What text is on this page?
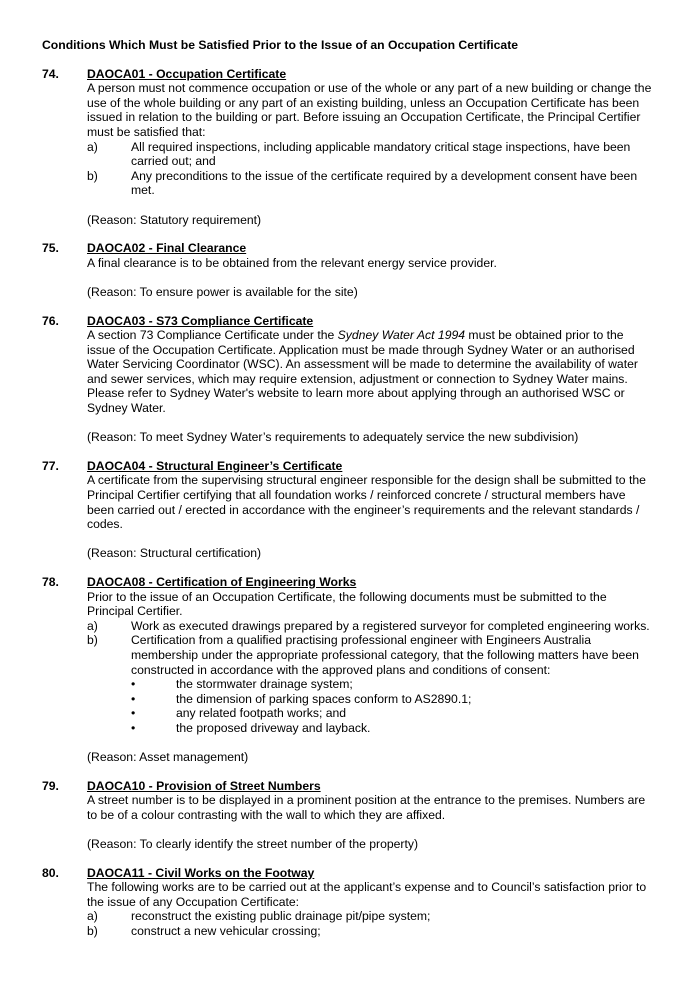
Conditions Which Must be Satisfied Prior to the Issue of an Occupation Certificate
74.	DAOCA01 - Occupation Certificate

A person must not commence occupation or use of the whole or any part of a new building or change the use of the whole building or any part of an existing building, unless an Occupation Certificate has been issued in relation to the building or part. Before issuing an Occupation Certificate, the Principal Certifier must be satisfied that:

a)	All required inspections, including applicable mandatory critical stage inspections, have been carried out; and
b)	Any preconditions to the issue of the certificate required by a development consent have been met.
(Reason: Statutory requirement)
75.	DAOCA02 - Final Clearance

A final clearance is to be obtained from the relevant energy service provider.

(Reason: To ensure power is available for the site)
76.	DAOCA03 - S73 Compliance Certificate

A section 73 Compliance Certificate under the Sydney Water Act 1994 must be obtained prior to the issue of the Occupation Certificate. Application must be made through Sydney Water or an authorised Water Servicing Coordinator (WSC). An assessment will be made to determine the availability of water and sewer services, which may require extension, adjustment or connection to Sydney Water mains. Please refer to Sydney Water's website to learn more about applying through an authorised WSC or Sydney Water.

(Reason: To meet Sydney Water’s requirements to adequately service the new subdivision)
77.	DAOCA04 - Structural Engineer’s Certificate

A certificate from the supervising structural engineer responsible for the design shall be submitted to the Principal Certifier certifying that all foundation works / reinforced concrete / structural members have been carried out / erected in accordance with the engineer’s requirements and the relevant standards / codes.

(Reason: Structural certification)
78.	DAOCA08 - Certification of Engineering Works

Prior to the issue of an Occupation Certificate, the following documents must be submitted to the Principal Certifier.

a)	Work as executed drawings prepared by a registered surveyor for completed engineering works.
b)	Certification from a qualified practising professional engineer with Engineers Australia membership under the appropriate professional category, that the following matters have been constructed in accordance with the approved plans and conditions of consent:
•	the stormwater drainage system;
•	the dimension of parking spaces conform to AS2890.1;
•	any related footpath works; and
•	the proposed driveway and layback.
(Reason: Asset management)
79.	DAOCA10 - Provision of Street Numbers

A street number is to be displayed in a prominent position at the entrance to the premises. Numbers are to be of a colour contrasting with the wall to which they are affixed.

(Reason: To clearly identify the street number of the property)
80.	DAOCA11 - Civil Works on the Footway

The following works are to be carried out at the applicant’s expense and to Council’s satisfaction prior to the issue of any Occupation Certificate:

a)	reconstruct the existing public drainage pit/pipe system;
b)	construct a new vehicular crossing;
